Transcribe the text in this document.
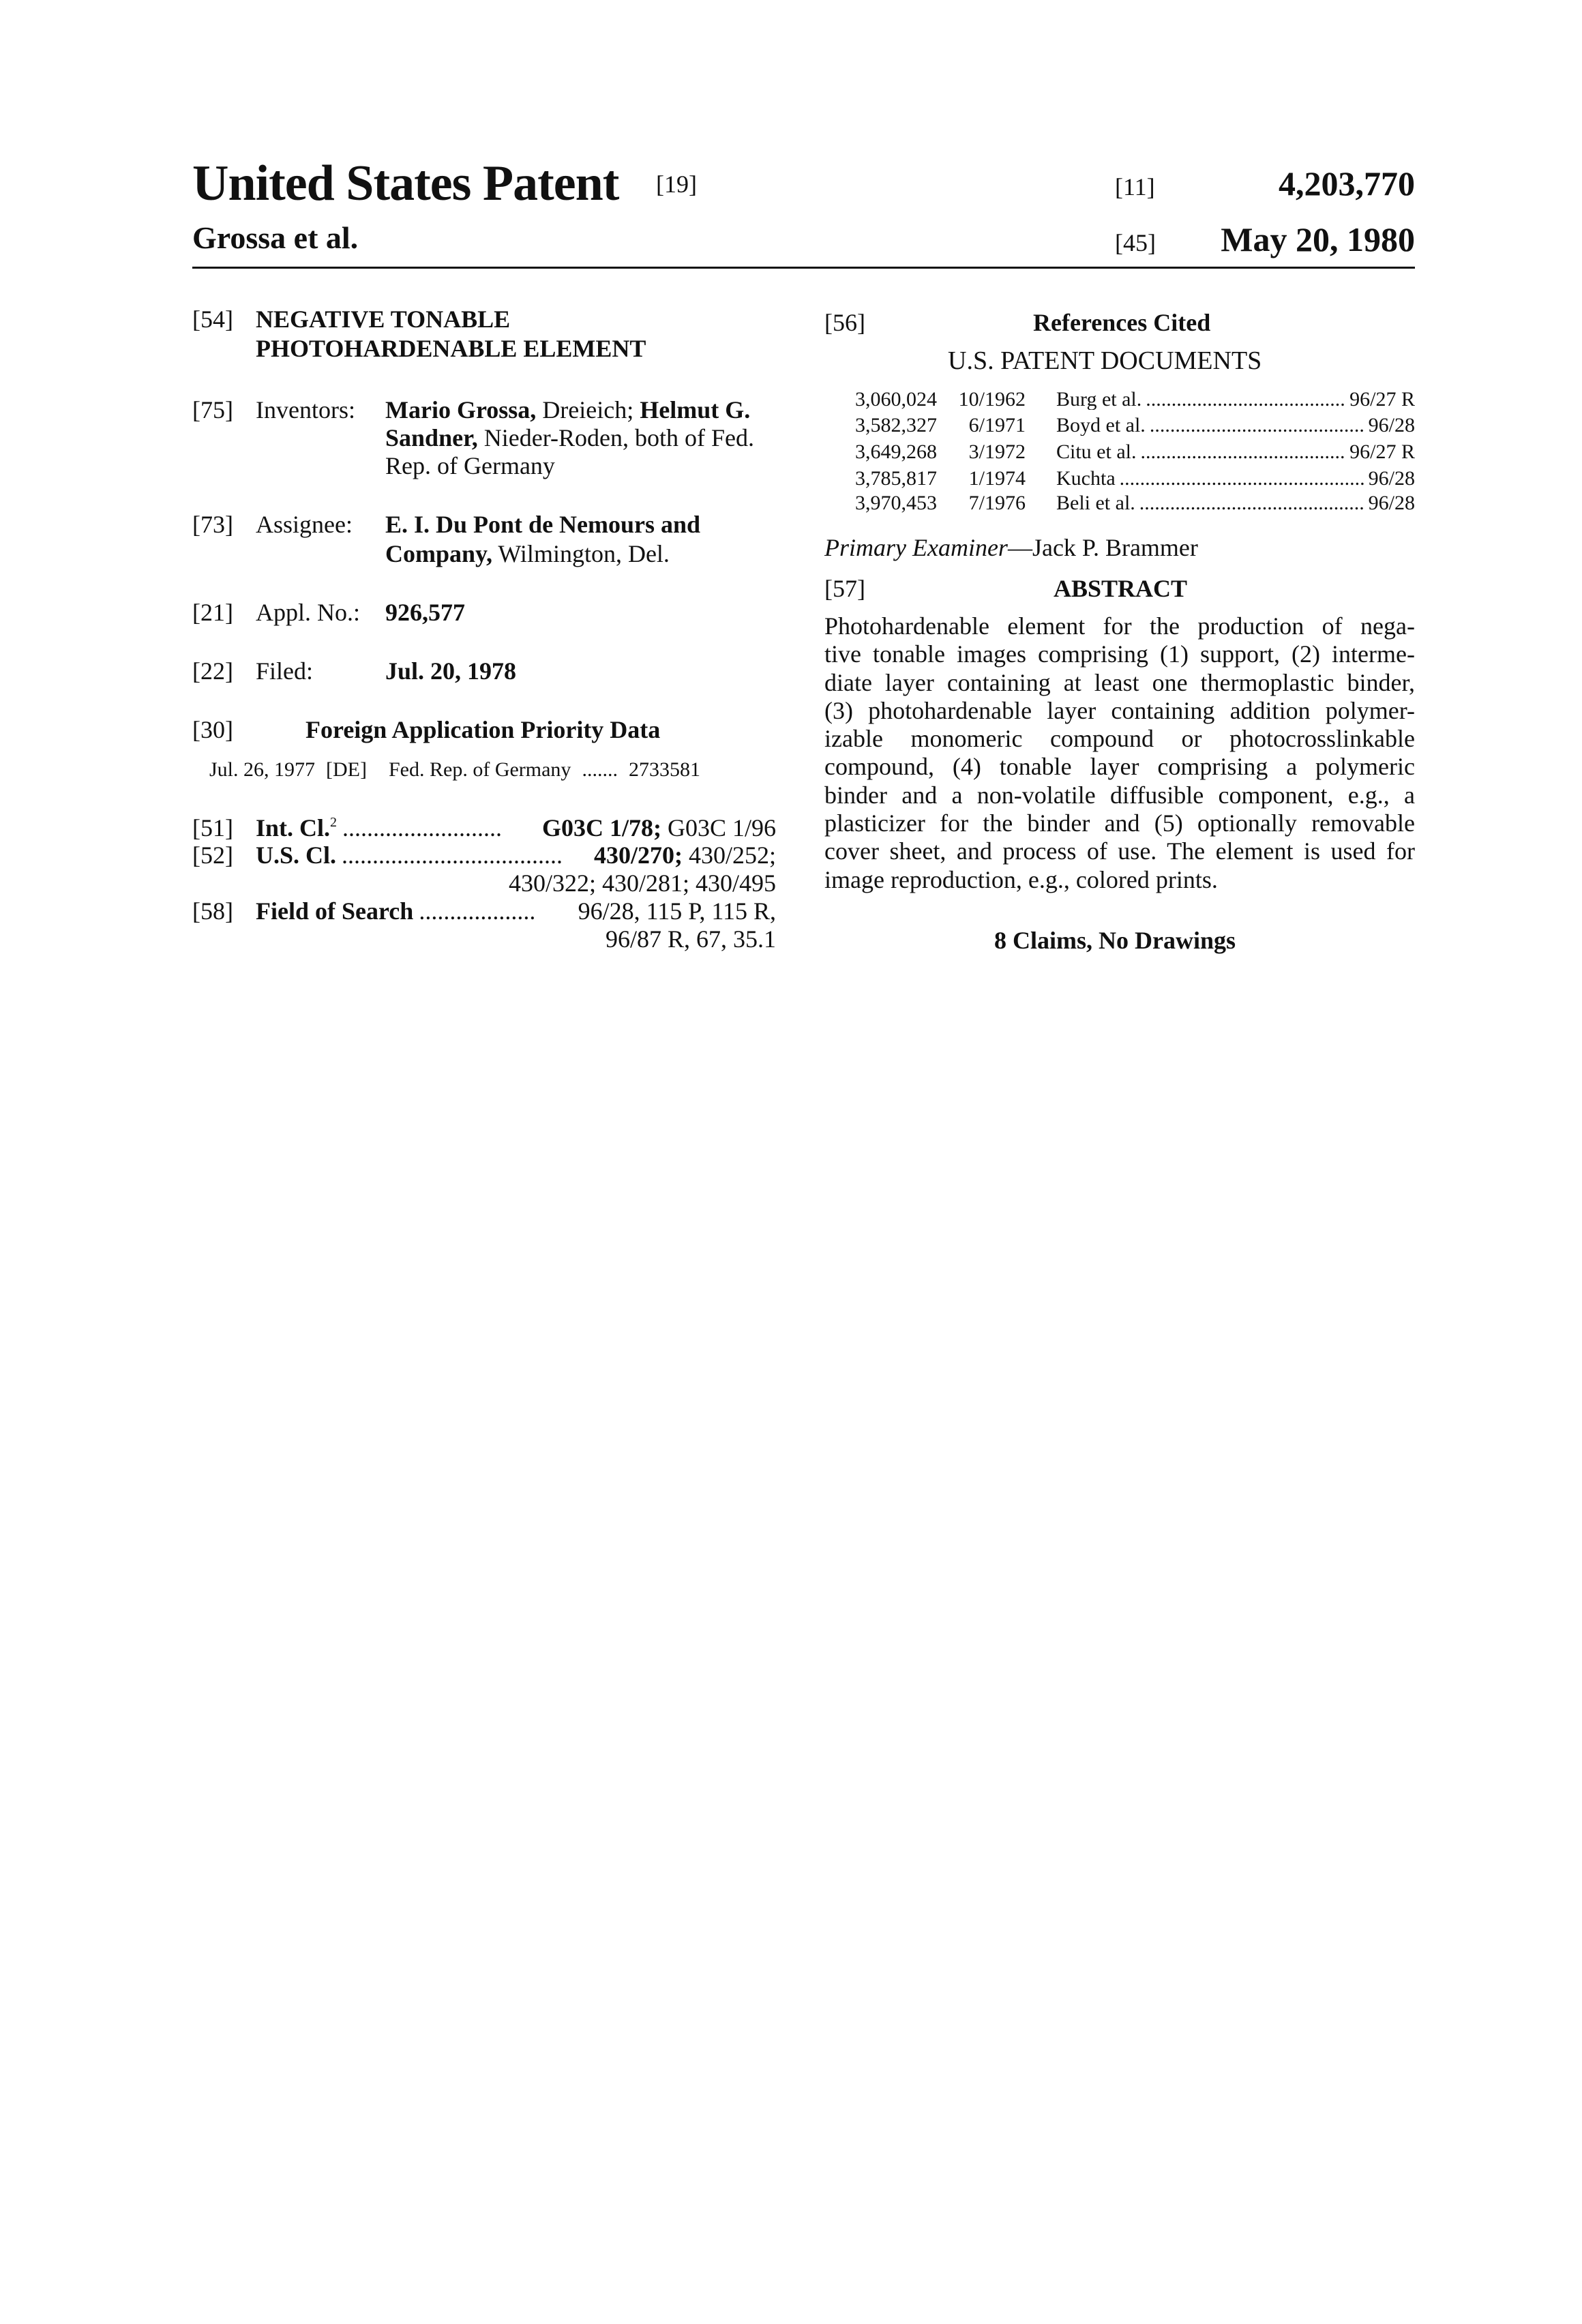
United States Patent [19]
Grossa et al.
[11]	4,203,770
[45] May 20, 1980
[54] NEGATIVE TONABLE
PHOTOHARDENABLE ELEMENT
[75] Inventors: Mario Grossa, Dreieich; Helmut G.
Sandner, Nieder-Roden, both of Fed.
Rep. of Germany
[73] Assignee: E. I. Du Pont de Nemours and
Company, Wilmington, Del.
[21] Appl. No.: 926,577
[22] Filed:	Jul. 20, 1978
[30]	Foreign Application Priority Data
Jul. 26, 1977 [DE] Fed. Rep. of Germany ....... 2733581
[51] Int. Cl. 2 ..........................	G03C 1/78; G03C 1/96
[52] U.S. Cl. ....................................	430/270; 430/252;
430/322; 430/281; 430/495
[58] Field of Search ...................	96/28, 115 P, 115 R,
96/87 R, 67, 35.1
[56]	References Cited
U.S. PATENT DOCUMENTS
3,060,024	10/1962 Burg et al. ....................................... 96/27 R
3,582,327	6/1971 Boyd et al. ...........................................
96/28
3,649,268	3/1972 Citu et al. ........................................ 96/27 R
3,785,817	1/1974 Kuchta ................................................ 96/28
3,970,453	7/1976 Beli et al. ............................................ 96/28
Primary Examiner—Jack P. Brammer
[57]	ABSTRACT
Photohardenable element for the production of nega-
tive tonable images comprising (1) support, (2) interme-
diate layer containing at least one thermoplastic binder,
(3) photohardenable layer containing addition polymer-
izable monomeric compound or photocrosslinkable
compound, (4) tonable layer comprising a polymeric
binder and a non-volatile diffusible component, e.g., a
plasticizer for the binder and (5) optionally removable
cover sheet, and process of use. The element is used for
image reproduction, e.g., colored prints.
8 Claims, No Drawings
